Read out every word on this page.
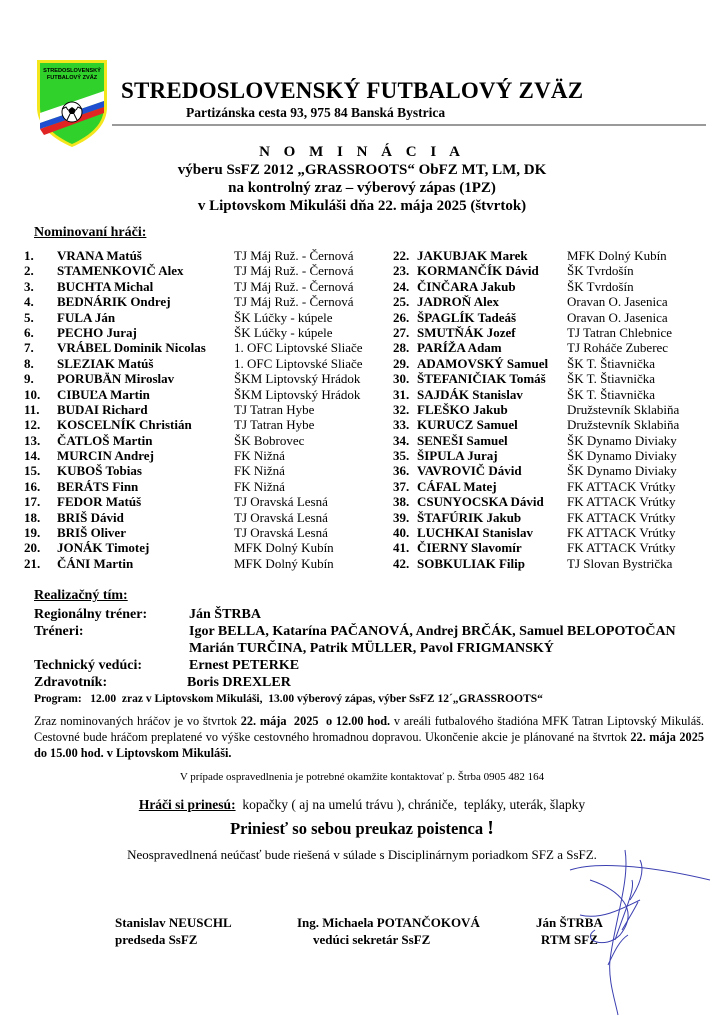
STREDOSLOVENSKÝ
FUTBALOVÝ ZVÄZ STREDOSLOVENSKÝ FUTBALOVÝ ZVÄZ
Partizánska cesta 93, 975 84 Banská Bystrica
N O M I N Á C I A
výberu SsFZ 2012 „GRASSROOTS“ ObFZ MT, LM, DK
na kontrolný zraz – výberový zápas (1PZ)
v Liptovskom Mikuláši dňa 22. mája 2025 (štvrtok)
Nominovaní hráči:
1. VRANA Matúš	TJ Máj Ruž. - Černová
2. STAMENKOVIČ Alex	TJ Máj Ruž. - Černová
3. BUCHTA Michal	TJ Máj Ruž. - Černová
4. BEDNÁRIK Ondrej	TJ Máj Ruž. - Černová
5. FULA Ján	ŠK Lúčky - kúpele
6. PECHO Juraj	ŠK Lúčky - kúpele
7. VRÁBEL Dominik Nicolas 1. OFC Liptovské Sliače
8. SLEZIAK Matúš	1. OFC Liptovské Sliače
9. PORUBÄN Miroslav	ŠKM Liptovský Hrádok
10. CIBUĽA Martin	ŠKM Liptovský Hrádok
11. BUDAI Richard	TJ Tatran Hybe
12. KOSCELNÍK Christián	TJ Tatran Hybe
13. ČATLOŠ Martin	ŠK Bobrovec
14. MURCIN Andrej	FK Nižná
15. KUBOŠ Tobias	FK Nižná
16. BERÁTS Finn	FK Nižná
17. FEDOR Matúš	TJ Oravská Lesná
18. BRIŠ Dávid	TJ Oravská Lesná
19. BRIŠ Oliver	TJ Oravská Lesná
20. JONÁK Timotej	MFK Dolný Kubín
21. ČÁNI Martin	MFK Dolný Kubín
22. JAKUBJAK Marek	MFK Dolný Kubín
23. KORMANČÍK Dávid ŠK Tvrdošín
24. ČINČARA Jakub	ŠK Tvrdošín
25. JADROŇ Alex	Oravan O. Jasenica
26. ŠPAGLÍK Tadeáš	Oravan O. Jasenica
27. SMUTŇÁK Jozef	TJ Tatran Chlebnice
28. PARÍŽA Adam	TJ Roháče Zuberec
29. ADAMOVSKÝ Samuel ŠK T. Štiavnička
30. ŠTEFANIČIAK Tomáš ŠK T. Štiavnička
31. SAJDÁK Stanislav	ŠK T. Štiavnička
32. FLEŠKO Jakub	Družstevník Sklabiňa
33. KURUCZ Samuel	Družstevník Sklabiňa
34. SENEŠI Samuel	ŠK Dynamo Diviaky
35. ŠIPULA Juraj	ŠK Dynamo Diviaky
36. VAVROVIČ Dávid	ŠK Dynamo Diviaky
37. CÁFAL Matej	FK ATTACK Vrútky
38. CSUNYOCSKA Dávid FK ATTACK Vrútky
39. ŠTAFÚRIK Jakub	FK ATTACK Vrútky
40. LUCHKAI Stanislav	FK ATTACK Vrútky
41. ČIERNY Slavomír	FK ATTACK Vrútky
42. SOBKULIAK Filip	TJ Slovan Bystrička
Realizačný tím:
Regionálny tréner:	Ján ŠTRBA
Tréneri:	Igor BELLA, Katarína PAČANOVÁ, Andrej BRČÁK, Samuel BELOPOTOČAN
Marián TURČINA, Patrik MÜLLER, Pavol FRIGMANSKÝ
Technický vedúci:	Ernest PETERKE
Zdravotník:	Boris DREXLER
Program:   12.00  zraz v Liptovskom Mikuláši,  13.00 výberový zápas, výber SsFZ 12´„GRASSROOTS“
Zraz nominovaných hráčov je vo štvrtok 22. mája  2025  o 12.00 hod. v areáli futbalového štadióna MFK Tatran Liptovský Mikuláš. Cestovné bude hráčom preplatené vo výške cestovného hromadnou dopravou. Ukončenie akcie je plánované na štvrtok 22. mája 2025 do 15.00 hod. v Liptovskom Mikuláši.
V prípade ospravedlnenia je potrebné okamžite kontaktovať p. Štrba 0905 482 164
Hráči si prinesú:  kopačky ( aj na umelú trávu ), chrániče,  tepláky, uterák, šlapky
Priniesť so sebou preukaz poistenca !
Neospravedlnená neúčasť bude riešená v súlade s Disciplinárnym poriadkom SFZ a SsFZ.
Stanislav NEUSCHL
predseda SsFZ
Ing. Michaela POTANČOKOVÁ
vedúci sekretár SsFZ
Ján ŠTRBA
RTM SFZ
